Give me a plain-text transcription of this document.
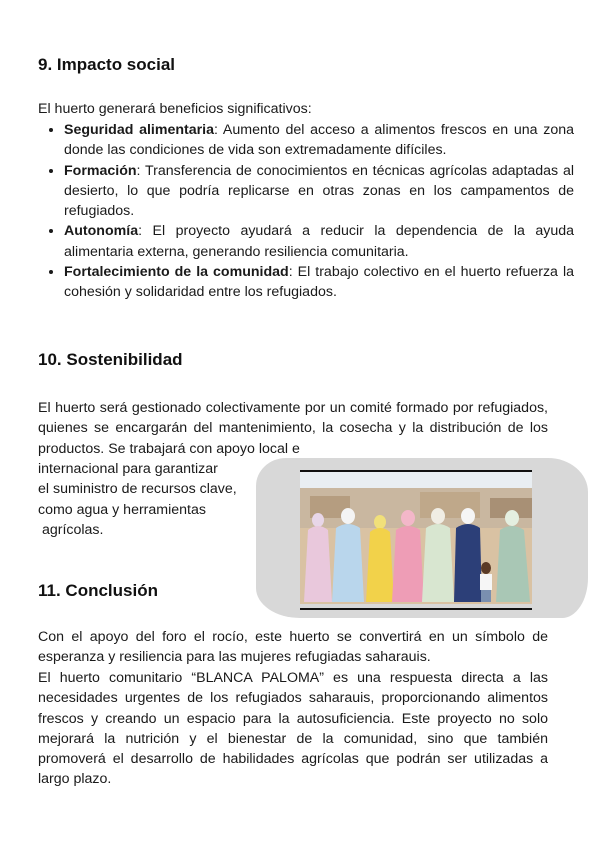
9. Impacto social

El huerto generará beneficios significativos:

• Seguridad alimentaria: Aumento del acceso a alimentos frescos en una zona donde las condiciones de vida son extremadamente difíciles.
• Formación: Transferencia de conocimientos en técnicas agrícolas adaptadas al desierto, lo que podría replicarse en otras zonas en los campamentos de refugiados.
• Autonomía: El proyecto ayudará a reducir la dependencia de la ayuda alimentaria externa, generando resiliencia comunitaria.
• Fortalecimiento de la comunidad: El trabajo colectivo en el huerto refuerza la cohesión y solidaridad entre los refugiados.
10. Sostenibilidad

El huerto será gestionado colectivamente por un comité formado por refugiados, quienes se encargarán del mantenimiento, la cosecha y la distribución de los productos. Se trabajará con apoyo local e

internacional para garantizar
el suministro de recursos clave,
como agua y herramientas
agrícolas.

11. Conclusión

Con el apoyo del foro el rocío, este huerto se convertirá en un símbolo de esperanza y resiliencia para las mujeres refugiadas saharauis.

El huerto comunitario “BLANCA PALOMA” es una respuesta directa a las necesidades urgentes de los refugiados saharauis, proporcionando alimentos frescos y creando un espacio para la autosuficiencia. Este proyecto no solo mejorará la nutrición y el bienestar de la comunidad, sino que también promoverá el desarrollo de habilidades agrícolas que podrán ser utilizadas a largo plazo.
